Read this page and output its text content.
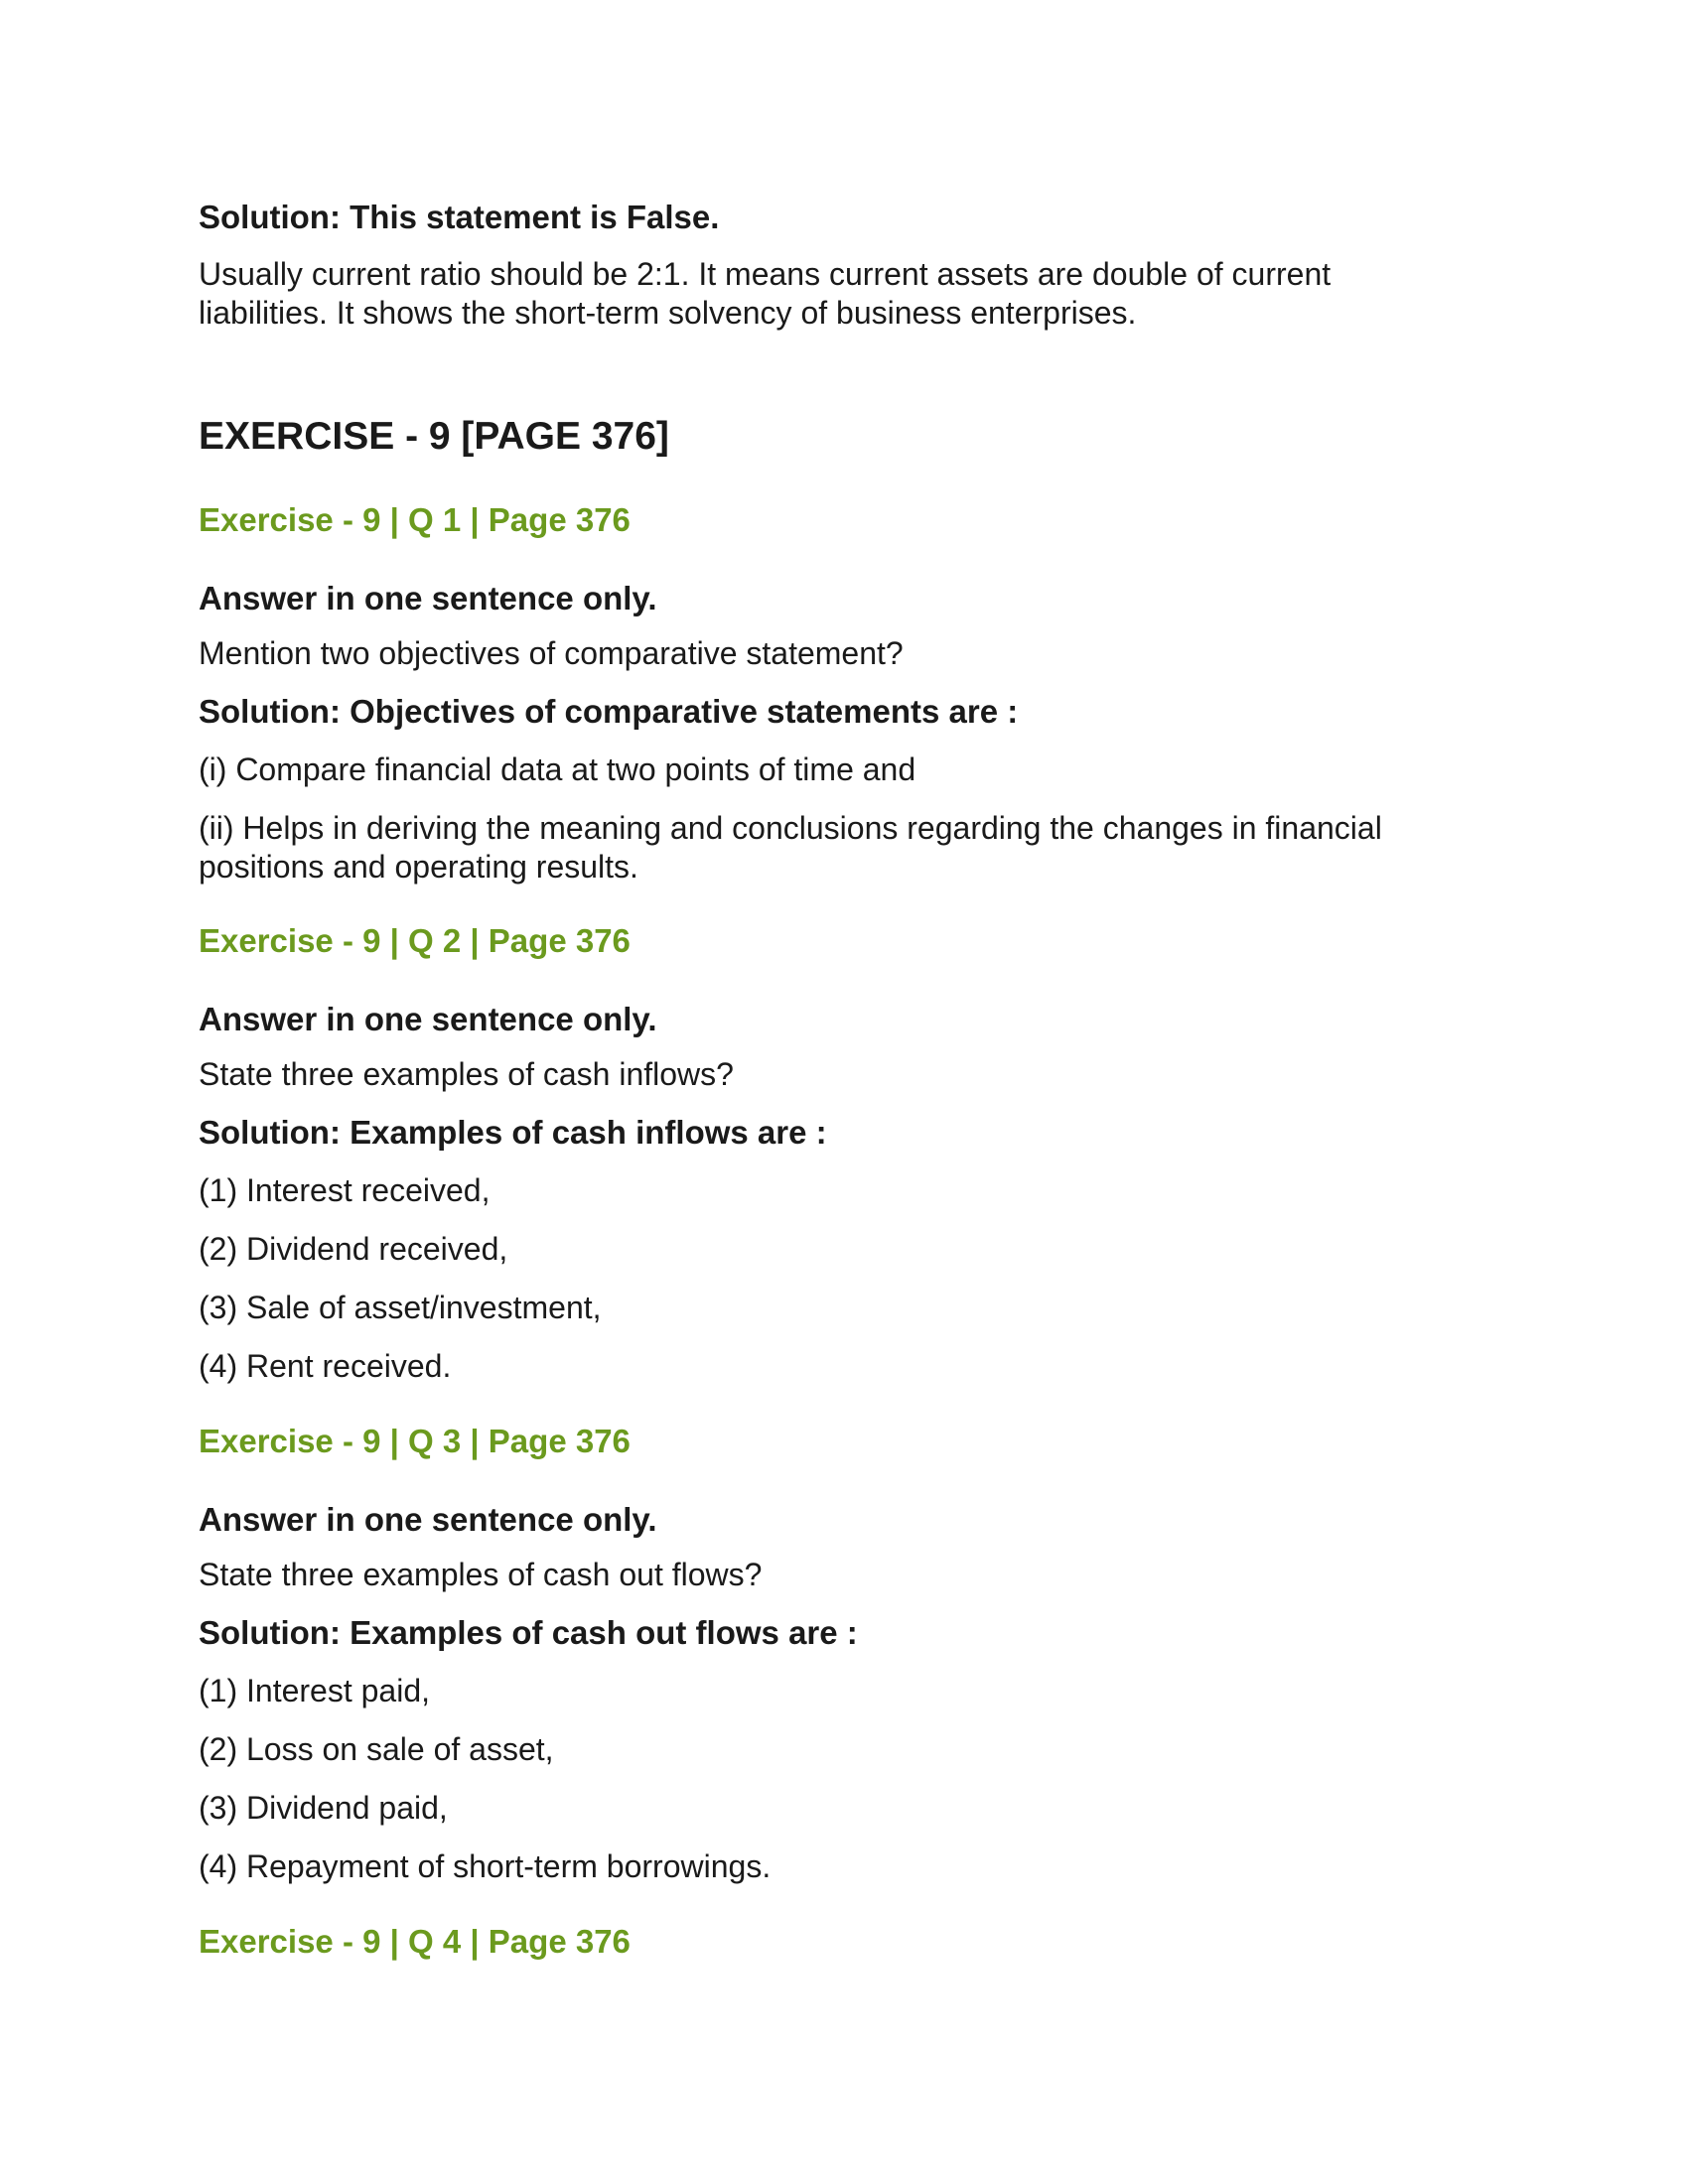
Solution: This statement is False.

Usually current ratio should be 2:1. It means current assets are double of current

liabilities. It shows the short-term solvency of business enterprises.

EXERCISE - 9 [PAGE 376]
Exercise - 9 | Q 1 | Page 376

Answer in one sentence only.

Mention two objectives of comparative statement?

Solution: Objectives of comparative statements are :

(i) Compare financial data at two points of time and

(ii) Helps in deriving the meaning and conclusions regarding the changes in financial

positions and operating results.

Exercise - 9 | Q 2 | Page 376

Answer in one sentence only.

State three examples of cash inflows?

Solution: Examples of cash inflows are :

(1) Interest received,

(2) Dividend received,

(3) Sale of asset/investment,

(4) Rent received.

Exercise - 9 | Q 3 | Page 376

Answer in one sentence only.

State three examples of cash out flows?

Solution: Examples of cash out flows are :

(1) Interest paid,

(2) Loss on sale of asset,

(3) Dividend paid,

(4) Repayment of short-term borrowings.

Exercise - 9 | Q 4 | Page 376
